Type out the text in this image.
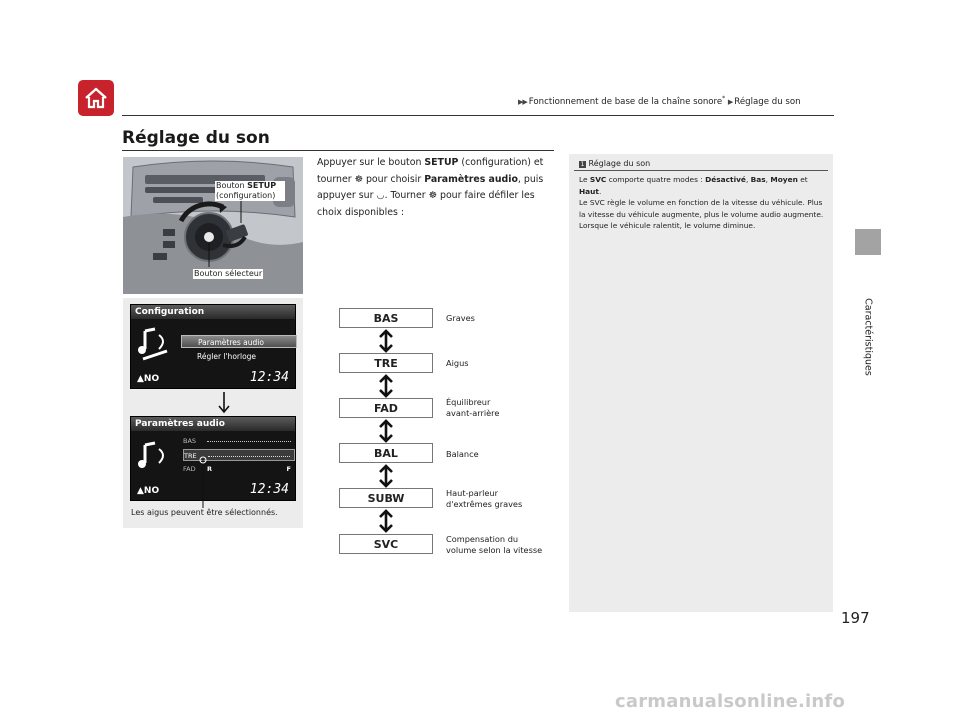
▶▶ Fonctionnement de base de la chaîne sonore* ▶ Réglage du son
Réglage du son
Bouton SETUP
(configuration)
Bouton sélecteur
Configuration
Paramètres audio
Régler l'horloge
▲NO	12:34
Paramètres audio
BAS
TRE
FAD R	F
▲NO	12:34
Les aigus peuvent être sélectionnés.
Appuyer sur le bouton SETUP (configuration) et tourner ☸ pour choisir Paramètres audio, puis appuyer sur ◡. Tourner ☸ pour faire défiler les choix disponibles :
BAS	Graves
TRE	Aigus
FAD	Équilibreur
avant-arrière
BAL	Balance
SUBW	Haut-parleur
d'extrêmes graves
SVC	Compensation du
volume selon la vitesse
1 Réglage du son

Le SVC comporte quatre modes : Désactivé, Bas, Moyen et Haut.

Le SVC règle le volume en fonction de la vitesse du véhicule. Plus la vitesse du véhicule augmente, plus le volume audio augmente. Lorsque le véhicule ralentit, le volume diminue.

Caractéristiques
197
carmanualsonline.info
